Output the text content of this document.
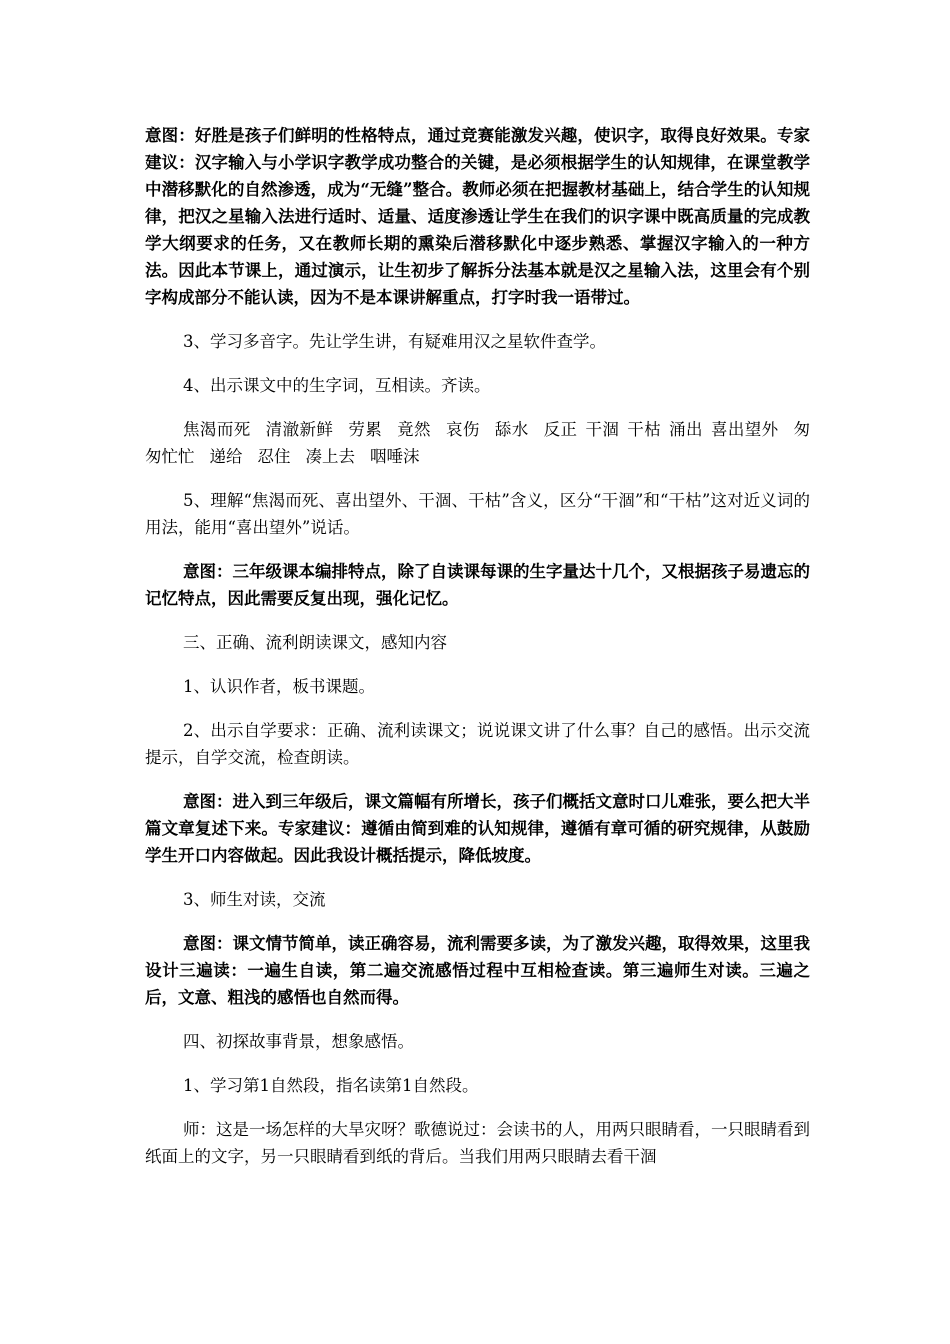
意图：好胜是孩子们鲜明的性格特点，通过竞赛能激发兴趣，使识字，取得良好效果。专家建议：汉字输入与小学识字教学成功整合的关键，是必须根据学生的认知规律，在课堂教学中潜移默化的自然渗透，成为“无缝”整合。教师必须在把握教材基础上，结合学生的认知规律，把汉之星输入法进行适时、适量、适度渗透让学生在我们的识字课中既高质量的完成教学大纲要求的任务，又在教师长期的熏染后潜移默化中逐步熟悉、掌握汉字输入的一种方法。因此本节课上，通过演示，让生初步了解拆分法基本就是汉之星输入法，这里会有个别字构成部分不能认读，因为不是本课讲解重点，打字时我一语带过。

3、学习多音字。先让学生讲，有疑难用汉之星软件查学。

4、出示课文中的生字词，互相读。齐读。

焦渴而死 清澈新鲜 劳累 竟然 哀伤 舔水 反正 干涸 干枯 涌出 喜出望外 匆匆忙忙 递给 忍住 凑上去 咽唾沫

5、理解“焦渴而死、喜出望外、干涸、干枯”含义，区分“干涸”和“干枯”这对近义词的用法，能用“喜出望外”说话。

意图：三年级课本编排特点，除了自读课每课的生字量达十几个，又根据孩子易遗忘的记忆特点，因此需要反复出现，强化记忆。

三、正确、流利朗读课文，感知内容

1、认识作者，板书课题。

2、出示自学要求：正确、流利读课文；说说课文讲了什么事？自己的感悟。出示交流提示，自学交流，检查朗读。

意图：进入到三年级后，课文篇幅有所增长，孩子们概括文意时口儿难张，要么把大半篇文章复述下来。专家建议：遵循由简到难的认知规律，遵循有章可循的研究规律，从鼓励学生开口内容做起。因此我设计概括提示，降低坡度。

3、师生对读，交流

意图：课文情节简单，读正确容易，流利需要多读，为了激发兴趣，取得效果，这里我设计三遍读：一遍生自读，第二遍交流感悟过程中互相检查读。第三遍师生对读。三遍之后，文意、粗浅的感悟也自然而得。

四、初探故事背景，想象感悟。

1、学习第1自然段，指名读第1自然段。

师：这是一场怎样的大旱灾呀？歌德说过：会读书的人，用两只眼睛看，一只眼睛看到纸面上的文字，另一只眼睛看到纸的背后。当我们用两只眼睛去看干涸
